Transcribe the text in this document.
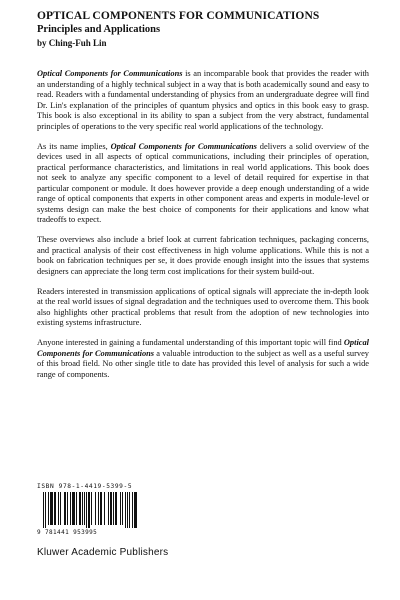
OPTICAL COMPONENTS FOR COMMUNICATIONS
Principles and Applications
by Ching-Fuh Lin

Optical Components for Communications is an incomparable book that provides the reader with an understanding of a highly technical subject in a way that is both academically sound and easy to read. Readers with a fundamental understanding of physics from an undergraduate degree will find Dr. Lin's explanation of the principles of quantum physics and optics in this book easy to grasp. This book is also exceptional in its ability to span a subject from the very abstract, fundamental principles of operations to the very specific real world applications of the technology.

As its name implies, Optical Components for Communications delivers a solid overview of the devices used in all aspects of optical communications, including their principles of operation, practical performance characteristics, and limitations in real world applications. This book does not seek to analyze any specific component to a level of detail required for expertise in that particular component or module. It does however provide a deep enough understanding of a wide range of optical components that experts in other component areas and experts in module-level or systems design can make the best choice of components for their applications and know what tradeoffs to expect.

These overviews also include a brief look at current fabrication techniques, packaging concerns, and practical analysis of their cost effectiveness in high volume applications. While this is not a book on fabrication techniques per se, it does provide enough insight into the issues that systems designers can appreciate the long term cost implications for their system build-out.

Readers interested in transmission applications of optical signals will appreciate the in-depth look at the real world issues of signal degradation and the techniques used to overcome them. This book also highlights other practical problems that result from the adoption of new technologies into existing systems infrastructure.

Anyone interested in gaining a fundamental understanding of this important topic will find Optical Components for Communications a valuable introduction to the subject as well as a useful survey of this broad field. No other single title to date has provided this level of analysis for such a wide range of components.

ISBN 978-1-4419-5399-5
9 781441 953995
Kluwer Academic Publishers
